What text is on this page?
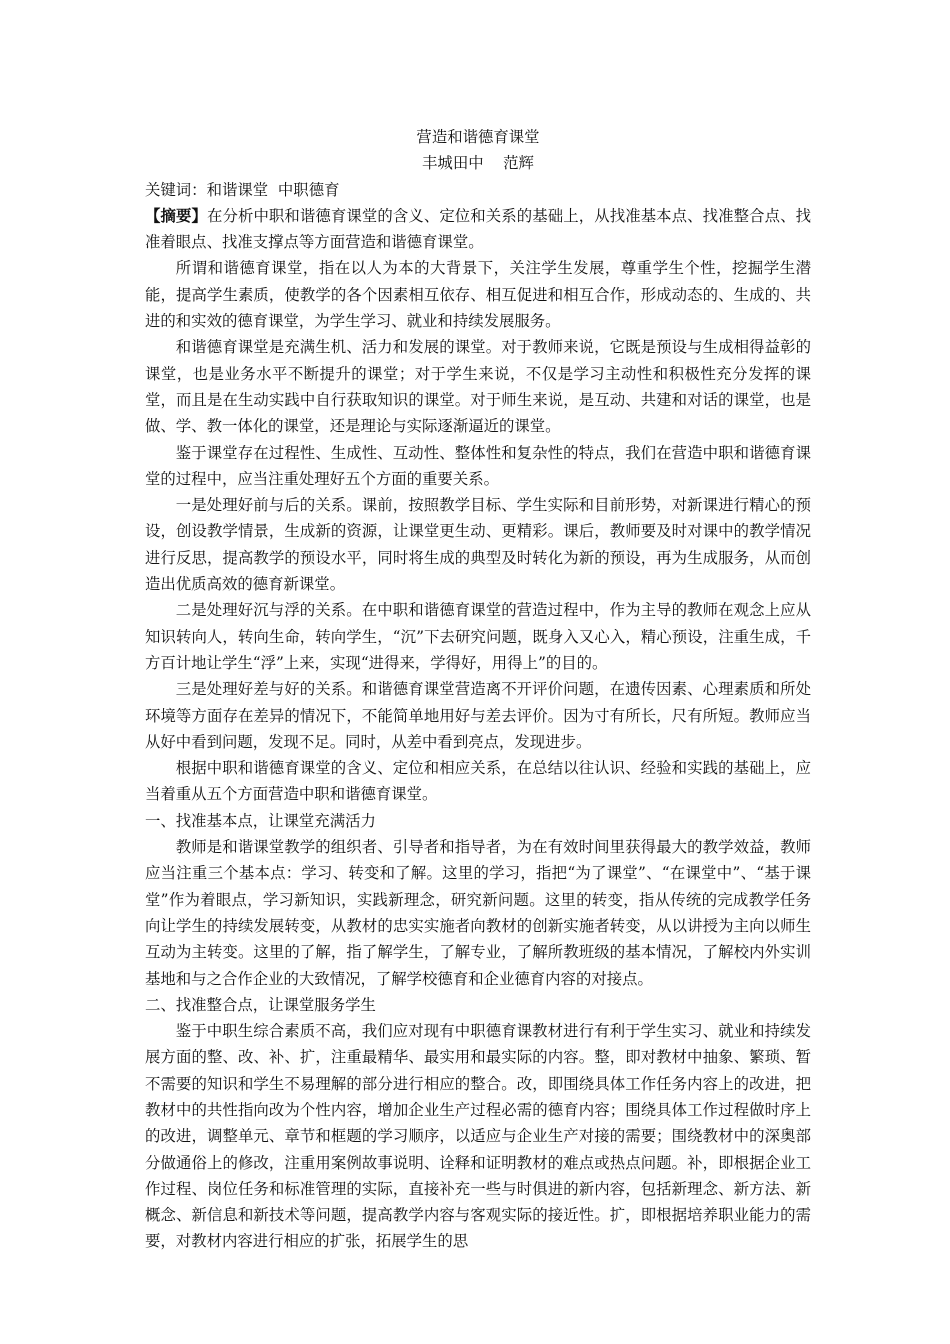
营造和谐德育课堂

丰城田中    范辉

关键词：和谐课堂  中职德育

【摘要】在分析中职和谐德育课堂的含义、定位和关系的基础上，从找准基本点、找准整合点、找准着眼点、找准支撑点等方面营造和谐德育课堂。

所谓和谐德育课堂，指在以人为本的大背景下，关注学生发展，尊重学生个性，挖掘学生潜能，提高学生素质，使教学的各个因素相互依存、相互促进和相互合作，形成动态的、生成的、共进的和实效的德育课堂，为学生学习、就业和持续发展服务。

和谐德育课堂是充满生机、活力和发展的课堂。对于教师来说，它既是预设与生成相得益彰的课堂，也是业务水平不断提升的课堂；对于学生来说，不仅是学习主动性和积极性充分发挥的课堂，而且是在生动实践中自行获取知识的课堂。对于师生来说，是互动、共建和对话的课堂，也是做、学、教一体化的课堂，还是理论与实际逐渐逼近的课堂。

鉴于课堂存在过程性、生成性、互动性、整体性和复杂性的特点，我们在营造中职和谐德育课堂的过程中，应当注重处理好五个方面的重要关系。

一是处理好前与后的关系。课前，按照教学目标、学生实际和目前形势，对新课进行精心的预设，创设教学情景，生成新的资源，让课堂更生动、更精彩。课后，教师要及时对课中的教学情况进行反思，提高教学的预设水平，同时将生成的典型及时转化为新的预设，再为生成服务，从而创造出优质高效的德育新课堂。

二是处理好沉与浮的关系。在中职和谐德育课堂的营造过程中，作为主导的教师在观念上应从知识转向人，转向生命，转向学生，“沉”下去研究问题，既身入又心入，精心预设，注重生成，千方百计地让学生“浮”上来，实现“进得来，学得好，用得上”的目的。

三是处理好差与好的关系。和谐德育课堂营造离不开评价问题，在遗传因素、心理素质和所处环境等方面存在差异的情况下，不能简单地用好与差去评价。因为寸有所长，尺有所短。教师应当从好中看到问题，发现不足。同时，从差中看到亮点，发现进步。

根据中职和谐德育课堂的含义、定位和相应关系，在总结以往认识、经验和实践的基础上，应当着重从五个方面营造中职和谐德育课堂。

一、找准基本点，让课堂充满活力

教师是和谐课堂教学的组织者、引导者和指导者，为在有效时间里获得最大的教学效益，教师应当注重三个基本点：学习、转变和了解。这里的学习，指把“为了课堂”、“在课堂中”、“基于课堂”作为着眼点，学习新知识，实践新理念，研究新问题。这里的转变，指从传统的完成教学任务向让学生的持续发展转变，从教材的忠实实施者向教材的创新实施者转变，从以讲授为主向以师生互动为主转变。这里的了解，指了解学生，了解专业，了解所教班级的基本情况，了解校内外实训基地和与之合作企业的大致情况，了解学校德育和企业德育内容的对接点。

二、找准整合点，让课堂服务学生

鉴于中职生综合素质不高，我们应对现有中职德育课教材进行有利于学生实习、就业和持续发展方面的整、改、补、扩，注重最精华、最实用和最实际的内容。整，即对教材中抽象、繁琐、暂不需要的知识和学生不易理解的部分进行相应的整合。改，即围绕具体工作任务内容上的改进，把教材中的共性指向改为个性内容，增加企业生产过程必需的德育内容；围绕具体工作过程做时序上的改进，调整单元、章节和框题的学习顺序，以适应与企业生产对接的需要；围绕教材中的深奥部分做通俗上的修改，注重用案例故事说明、诠释和证明教材的难点或热点问题。补，即根据企业工作过程、岗位任务和标准管理的实际，直接补充一些与时俱进的新内容，包括新理念、新方法、新概念、新信息和新技术等问题，提高教学内容与客观实际的接近性。扩，即根据培养职业能力的需要，对教材内容进行相应的扩张，拓展学生的思
